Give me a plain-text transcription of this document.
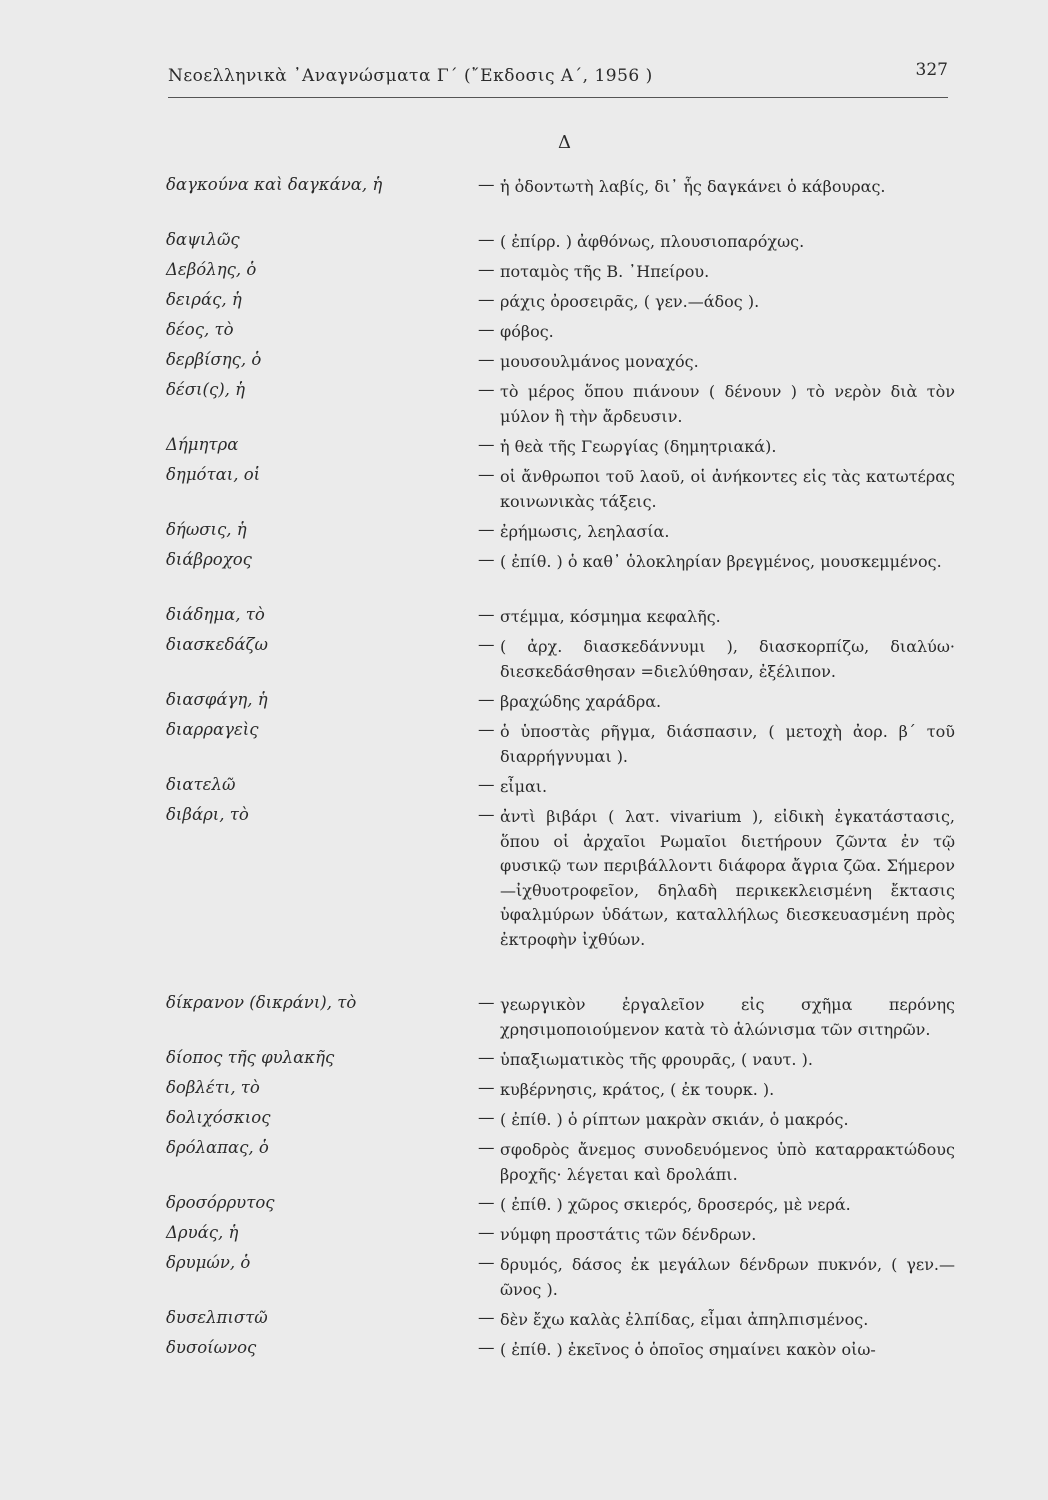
Νεοελληνικὰ ᾿Αναγνώσματα Γ΄ (῎Εκδοσις Α΄, 1956 )	327
Δ
δαγκούνα καὶ δαγκάνα, ἡ	— ἡ ὀδοντωτὴ λαβίς, δι᾿ ἧς δαγκάνει ὁ κάβουρας.
δαψιλῶς	— ( ἐπίρρ. ) ἀφθόνως, πλουσιοπαρόχως.
Δεβόλης, ὁ	— ποταμὸς τῆς Β. ᾿Ηπείρου.
δειράς, ἡ	— ράχις ὀροσειρᾶς, ( γεν.—άδος ).
δέος, τὸ	— φόβος.
δερβίσης, ὁ	— μουσουλμάνος μοναχός.
δέσι(ς), ἡ	— τὸ μέρος ὅπου πιάνουν ( δένουν ) τὸ νερὸν διὰ τὸν μύλον ἢ τὴν ἄρδευσιν.
Δήμητρα	— ἡ θεὰ τῆς Γεωργίας (δημητριακά).
δημόται, οἱ	— οἱ ἄνθρωποι τοῦ λαοῦ, οἱ ἀνήκοντες εἰς τὰς κατωτέρας κοινωνικὰς τάξεις.
δήωσις, ἡ	— ἐρήμωσις, λεηλασία.
διάβροχος	— ( ἐπίθ. ) ὁ καθ᾿ ὁλοκληρίαν βρεγμένος, μουσκεμμένος.
διάδημα, τὸ	— στέμμα, κόσμημα κεφαλῆς.
διασκεδάζω	— ( ἀρχ. διασκεδάννυμι ), διασκορπίζω, διαλύω· διεσκεδάσθησαν =διελύθησαν, ἐξέλιπον.
διασφάγη, ἡ	— βραχώδης χαράδρα.
διαρραγεὶς	— ὁ ὑποστὰς ρῆγμα, διάσπασιν, ( μετοχὴ ἀορ. β΄ τοῦ διαρρήγνυμαι ).
διατελῶ	— εἶμαι.
διβάρι, τὸ	— ἀντὶ βιβάρι ( λατ. vivarium ), εἰδικὴ ἐγκατάστασις, ὅπου οἱ ἀρχαῖοι Ρωμαῖοι διετήρουν ζῶντα ἐν τῷ φυσικῷ των περιβάλλοντι διάφορα ἄγρια ζῶα. Σήμερον—ἰχθυοτροφεῖον, δηλαδὴ περικεκλεισμένη ἔκτασις ὑφαλμύρων ὑδάτων, καταλλήλως διεσκευασμένη πρὸς ἐκτροφὴν ἰχθύων.
δίκρανον (δικράνι), τὸ	— γεωργικὸν ἐργαλεῖον εἰς σχῆμα περόνης χρησιμοποιούμενον κατὰ τὸ ἁλώνισμα τῶν σιτηρῶν.
δίοπος τῆς φυλακῆς	— ὑπαξιωματικὸς τῆς φρουρᾶς, ( ναυτ. ).
δοβλέτι, τὸ	— κυβέρνησις, κράτος, ( ἐκ τουρκ. ).
δολιχόσκιος	— ( ἐπίθ. ) ὁ ρίπτων μακρὰν σκιάν, ὁ μακρός.
δρόλαπας, ὁ	— σφοδρὸς ἄνεμος συνοδευόμενος ὑπὸ καταρρακτώδους βροχῆς· λέγεται καὶ δρολάπι.
δροσόρρυτος	— ( ἐπίθ. ) χῶρος σκιερός, δροσερός, μὲ νερά.
Δρυάς, ἡ	— νύμφη προστάτις τῶν δένδρων.
δρυμών, ὁ	— δρυμός, δάσος ἐκ μεγάλων δένδρων πυκνόν, ( γεν.—ῶνος ).
δυσελπιστῶ	— δὲν ἔχω καλὰς ἐλπίδας, εἶμαι ἀπηλπισμένος.
δυσοίωνος	— ( ἐπίθ. ) ἐκεῖνος ὁ ὁποῖος σημαίνει κακὸν οἰω-
